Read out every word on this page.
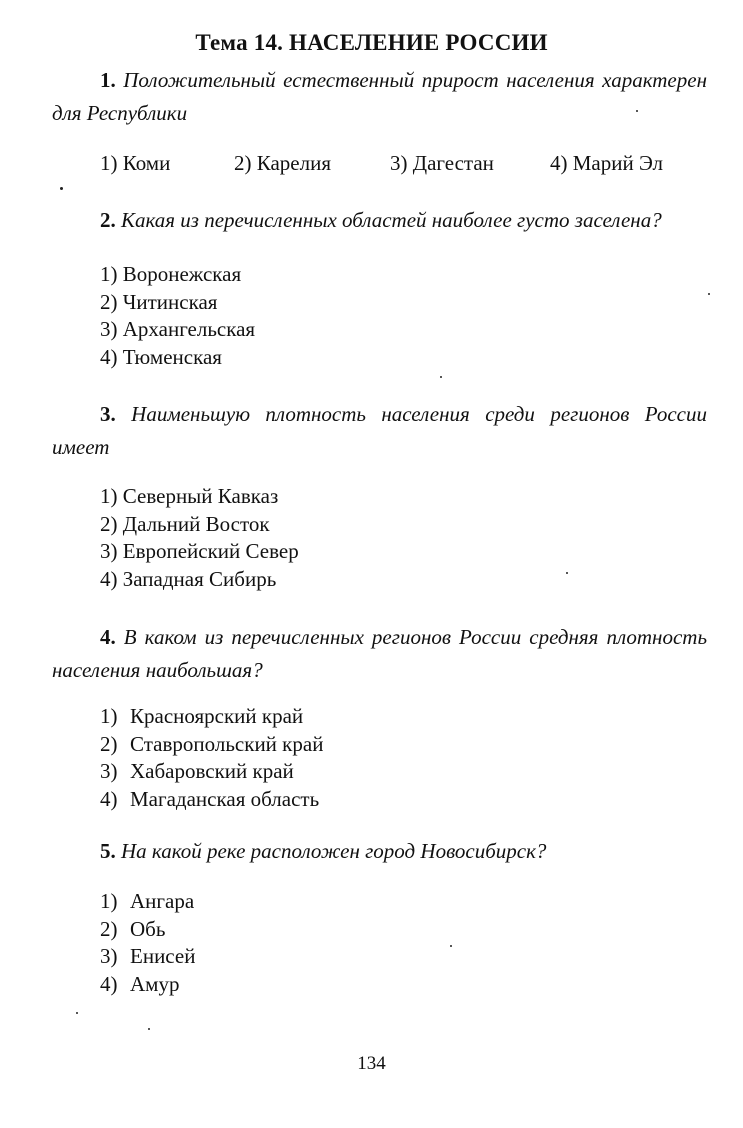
Тема 14. НАСЕЛЕНИЕ РОССИИ
1. Положительный естественный прирост населения характерен для Республики
1) Коми	2) Карелия	3) Дагестан	4) Марий Эл
2. Какая из перечисленных областей наиболее густо заселена?
1) Воронежская
2) Читинская
3) Архангельская
4) Тюменская
3. Наименьшую плотность населения среди регионов России имеет
1) Северный Кавказ
2) Дальний Восток
3) Европейский Север
4) Западная Сибирь
4. В каком из перечисленных регионов России средняя плотность населения наибольшая?
1) Красноярский край
2) Ставропольский край
3) Хабаровский край
4) Магаданская область
5. На какой реке расположен город Новосибирск?
1) Ангара
2) Обь
3) Енисей
4) Амур
134
